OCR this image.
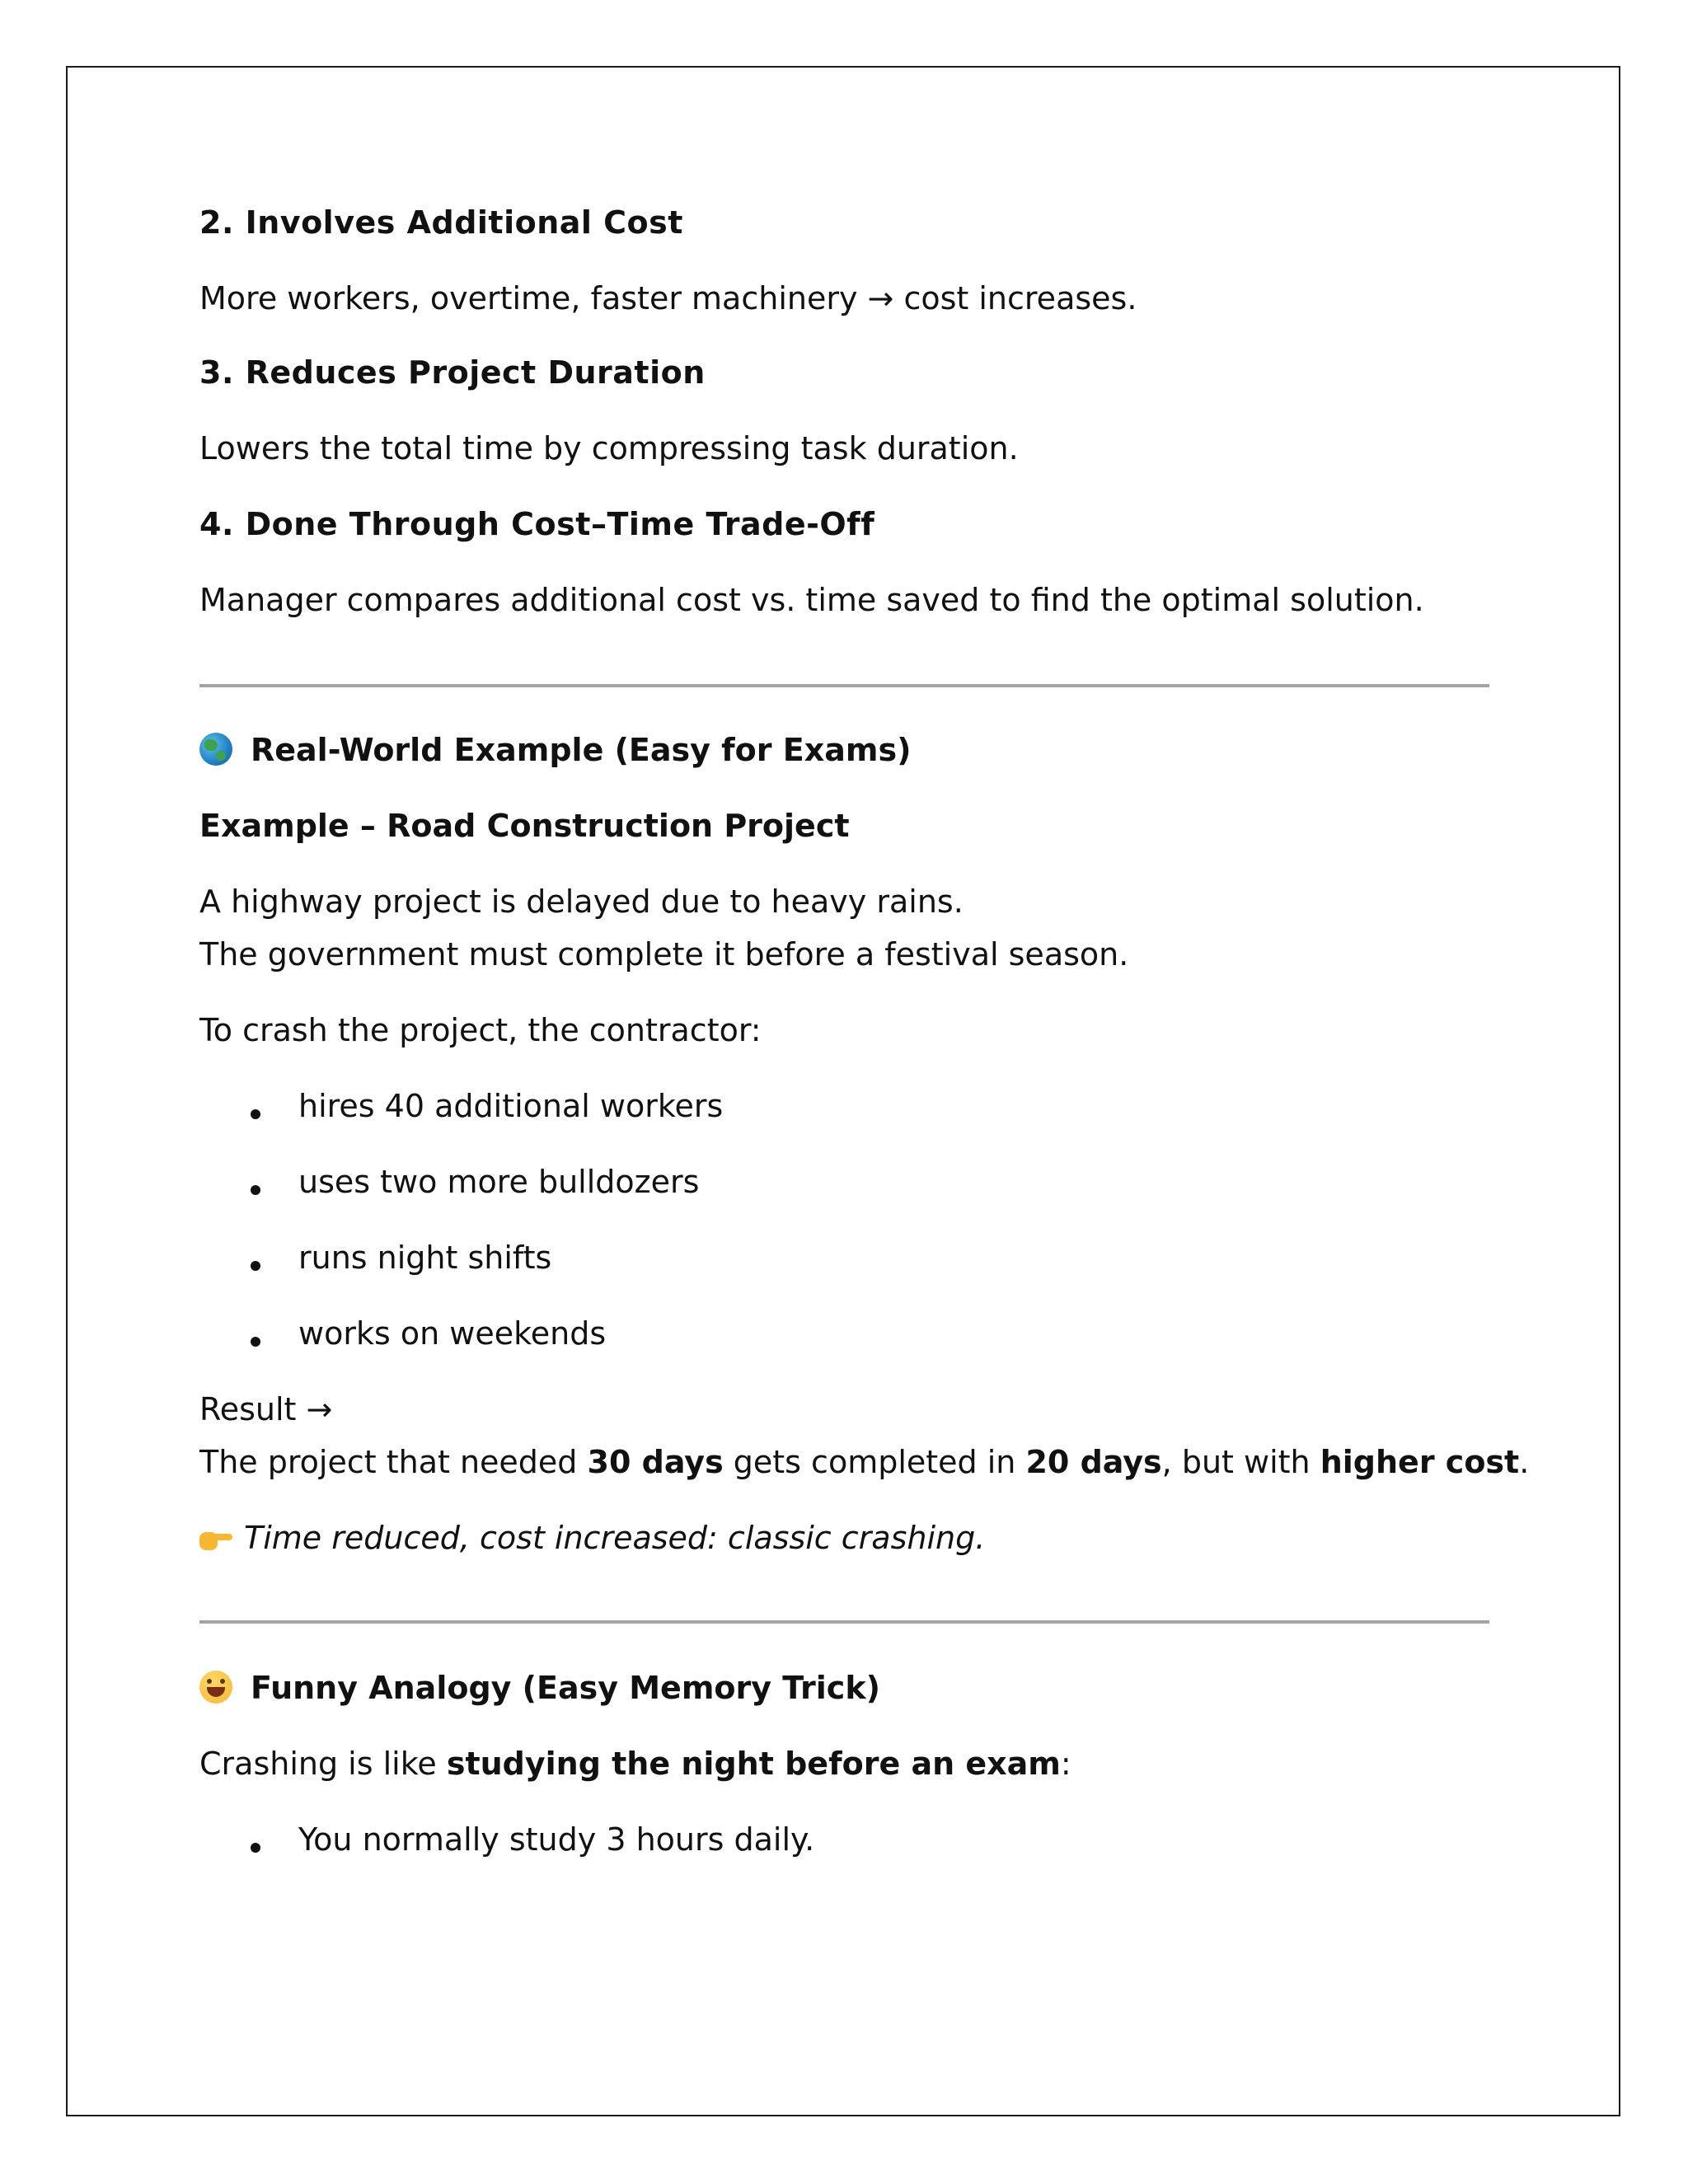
2. Involves Additional Cost
More workers, overtime, faster machinery → cost increases.
3. Reduces Project Duration
Lowers the total time by compressing task duration.
4. Done Through Cost–Time Trade-Off
Manager compares additional cost vs. time saved to find the optimal solution.
Real-World Example (Easy for Exams)
Example – Road Construction Project
A highway project is delayed due to heavy rains.
The government must complete it before a festival season.
To crash the project, the contractor:
hires 40 additional workers
uses two more bulldozers
runs night shifts
works on weekends
Result →
The project that needed 30 days gets completed in 20 days, but with higher cost.
Time reduced, cost increased: classic crashing.
Funny Analogy (Easy Memory Trick)
Crashing is like studying the night before an exam:
You normally study 3 hours daily.
